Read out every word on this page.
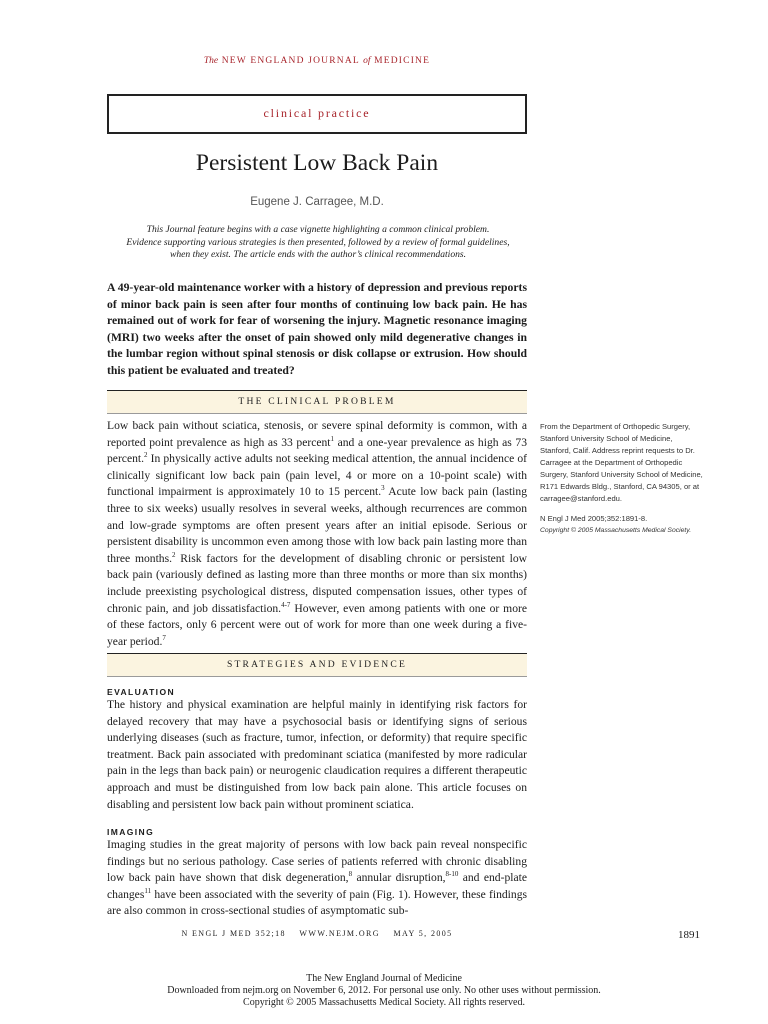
The NEW ENGLAND JOURNAL of MEDICINE
clinical practice
Persistent Low Back Pain
Eugene J. Carragee, M.D.
This Journal feature begins with a case vignette highlighting a common clinical problem.
Evidence supporting various strategies is then presented, followed by a review of formal guidelines,
when they exist. The article ends with the author’s clinical recommendations.

A 49-year-old maintenance worker with a history of depression and previous reports of minor back pain is seen after four months of continuing low back pain. He has remained out of work for fear of worsening the injury. Magnetic resonance imaging (MRI) two weeks after the onset of pain showed only mild degenerative changes in the lumbar region without spinal stenosis or disk collapse or extrusion. How should this patient be evaluated and treated?

THE CLINICAL PROBLEM

Low back pain without sciatica, stenosis, or severe spinal deformity is common, with a reported point prevalence as high as 33 percent$^1$ and a one-year prevalence as high as 73 percent.$^2$ In physically active adults not seeking medical attention, the annual incidence of clinically significant low back pain (pain level, 4 or more on a 10-point scale) with functional impairment is approximately 10 to 15 percent.$^3$ Acute low back pain (lasting three to six weeks) usually resolves in several weeks, although recurrences are common and low-grade symptoms are often present years after an initial episode. Serious or persistent disability is uncommon even among those with low back pain lasting more than three months.$^2$ Risk factors for the development of disabling chronic or persistent low back pain (variously defined as lasting more than three months or more than six months) include preexisting psychological distress, disputed compensation issues, other types of chronic pain, and job dissatisfaction.$^{4-7}$ However, even among patients with one or more of these factors, only 6 percent were out of work for more than one week during a five-year period.$^7$

From the Department of Orthopedic Surgery, Stanford University School of Medicine, Stanford, Calif. Address reprint requests to Dr. Carragee at the Department of Orthopedic Surgery, Stanford University School of Medicine, R171 Edwards Bldg., Stanford, CA 94305, or at carragee@stanford.edu.

N Engl J Med 2005;352:1891-8.

Copyright © 2005 Massachusetts Medical Society.

STRATEGIES AND EVIDENCE
EVALUATION

The history and physical examination are helpful mainly in identifying risk factors for delayed recovery that may have a psychosocial basis or identifying signs of serious underlying diseases (such as fracture, tumor, infection, or deformity) that require specific treatment. Back pain associated with predominant sciatica (manifested by more radicular pain in the legs than back pain) or neurogenic claudication requires a different therapeutic approach and must be distinguished from low back pain alone. This article focuses on disabling and persistent low back pain without prominent sciatica.

IMAGING

Imaging studies in the great majority of persons with low back pain reveal nonspecific findings but no serious pathology. Case series of patients referred with chronic disabling low back pain have shown that disk degeneration,$^8$ annular disruption,$^{8-10}$ and end-plate changes$^{11}$ have been associated with the severity of pain (Fig. 1). However, these findings are also common in cross-sectional studies of asymptomatic sub-

N ENGL J MED 352;18    WWW.NEJM.ORG    MAY 5, 2005	1891
The New England Journal of Medicine
Downloaded from nejm.org on November 6, 2012. For personal use only. No other uses without permission.
Copyright © 2005 Massachusetts Medical Society. All rights reserved.
